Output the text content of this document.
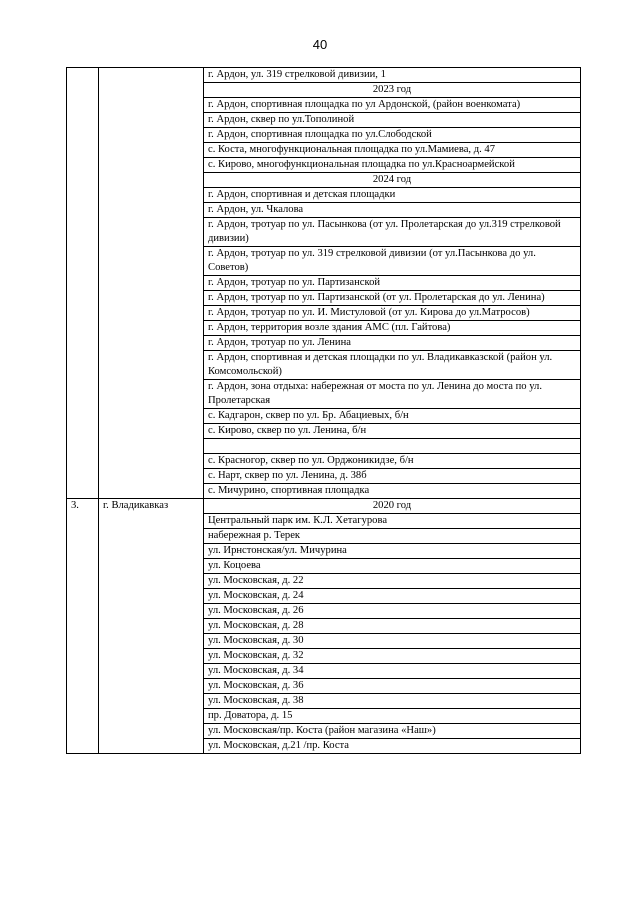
40
		г. Ардон, ул. 319 стрелковой дивизии, 1
		2023 год
		г. Ардон, спортивная площадка по ул Ардонской, (район военкомата)
		г. Ардон, сквер по ул.Тополиной
		г. Ардон, спортивная площадка по ул.Слободской
		с. Коста, многофункциональная площадка по ул.Мамиева, д. 47
		с. Кирово, многофункциональная площадка по ул.Красноармейской
		2024 год
		г. Ардон, спортивная и детская площадки
		г. Ардон, ул. Чкалова
		г. Ардон, тротуар по ул. Пасынкова (от ул. Пролетарская до ул.319 стрелковой дивизии)
		г. Ардон, тротуар по ул. 319 стрелковой дивизии (от ул.Пасынкова до ул. Советов)
		г. Ардон, тротуар по ул. Партизанской
		г. Ардон, тротуар по ул. Партизанской (от ул. Пролетарская до ул. Ленина)
		г. Ардон, тротуар по ул. И. Мистуловой (от ул. Кирова до ул.Матросов)
		г. Ардон, территория возле здания АМС (пл. Гайтова)
		г. Ардон, тротуар по ул. Ленина
		г. Ардон, спортивная и детская площадки по ул. Владикавказской (район ул. Комсомольской)
		г. Ардон, зона отдыха: набережная от моста по ул. Ленина до моста по ул. Пролетарская
		с. Кадгарон, сквер по ул. Бр. Абациевых, б/н
		с. Кирово, сквер по ул. Ленина, б/н

		с. Красногор, сквер по ул. Орджоникидзе, б/н
		с. Нарт, сквер по ул. Ленина, д. 38б
		с. Мичурино, спортивная площадка
3.	г. Владикавказ	2020 год
		Центральный парк им. К.Л. Хетагурова
		набережная р. Терек
		ул. Ирнстонская/ул. Мичурина
		ул. Коцоева
		ул. Московская, д. 22
		ул. Московская, д. 24
		ул. Московская, д. 26
		ул. Московская, д. 28
		ул. Московская, д. 30
		ул. Московская, д. 32
		ул. Московская, д. 34
		ул. Московская, д. 36
		ул. Московская, д. 38
		пр. Доватора, д. 15
		ул. Московская/пр. Коста (район магазина «Наш»)
		ул. Московская, д.21 /пр. Коста
